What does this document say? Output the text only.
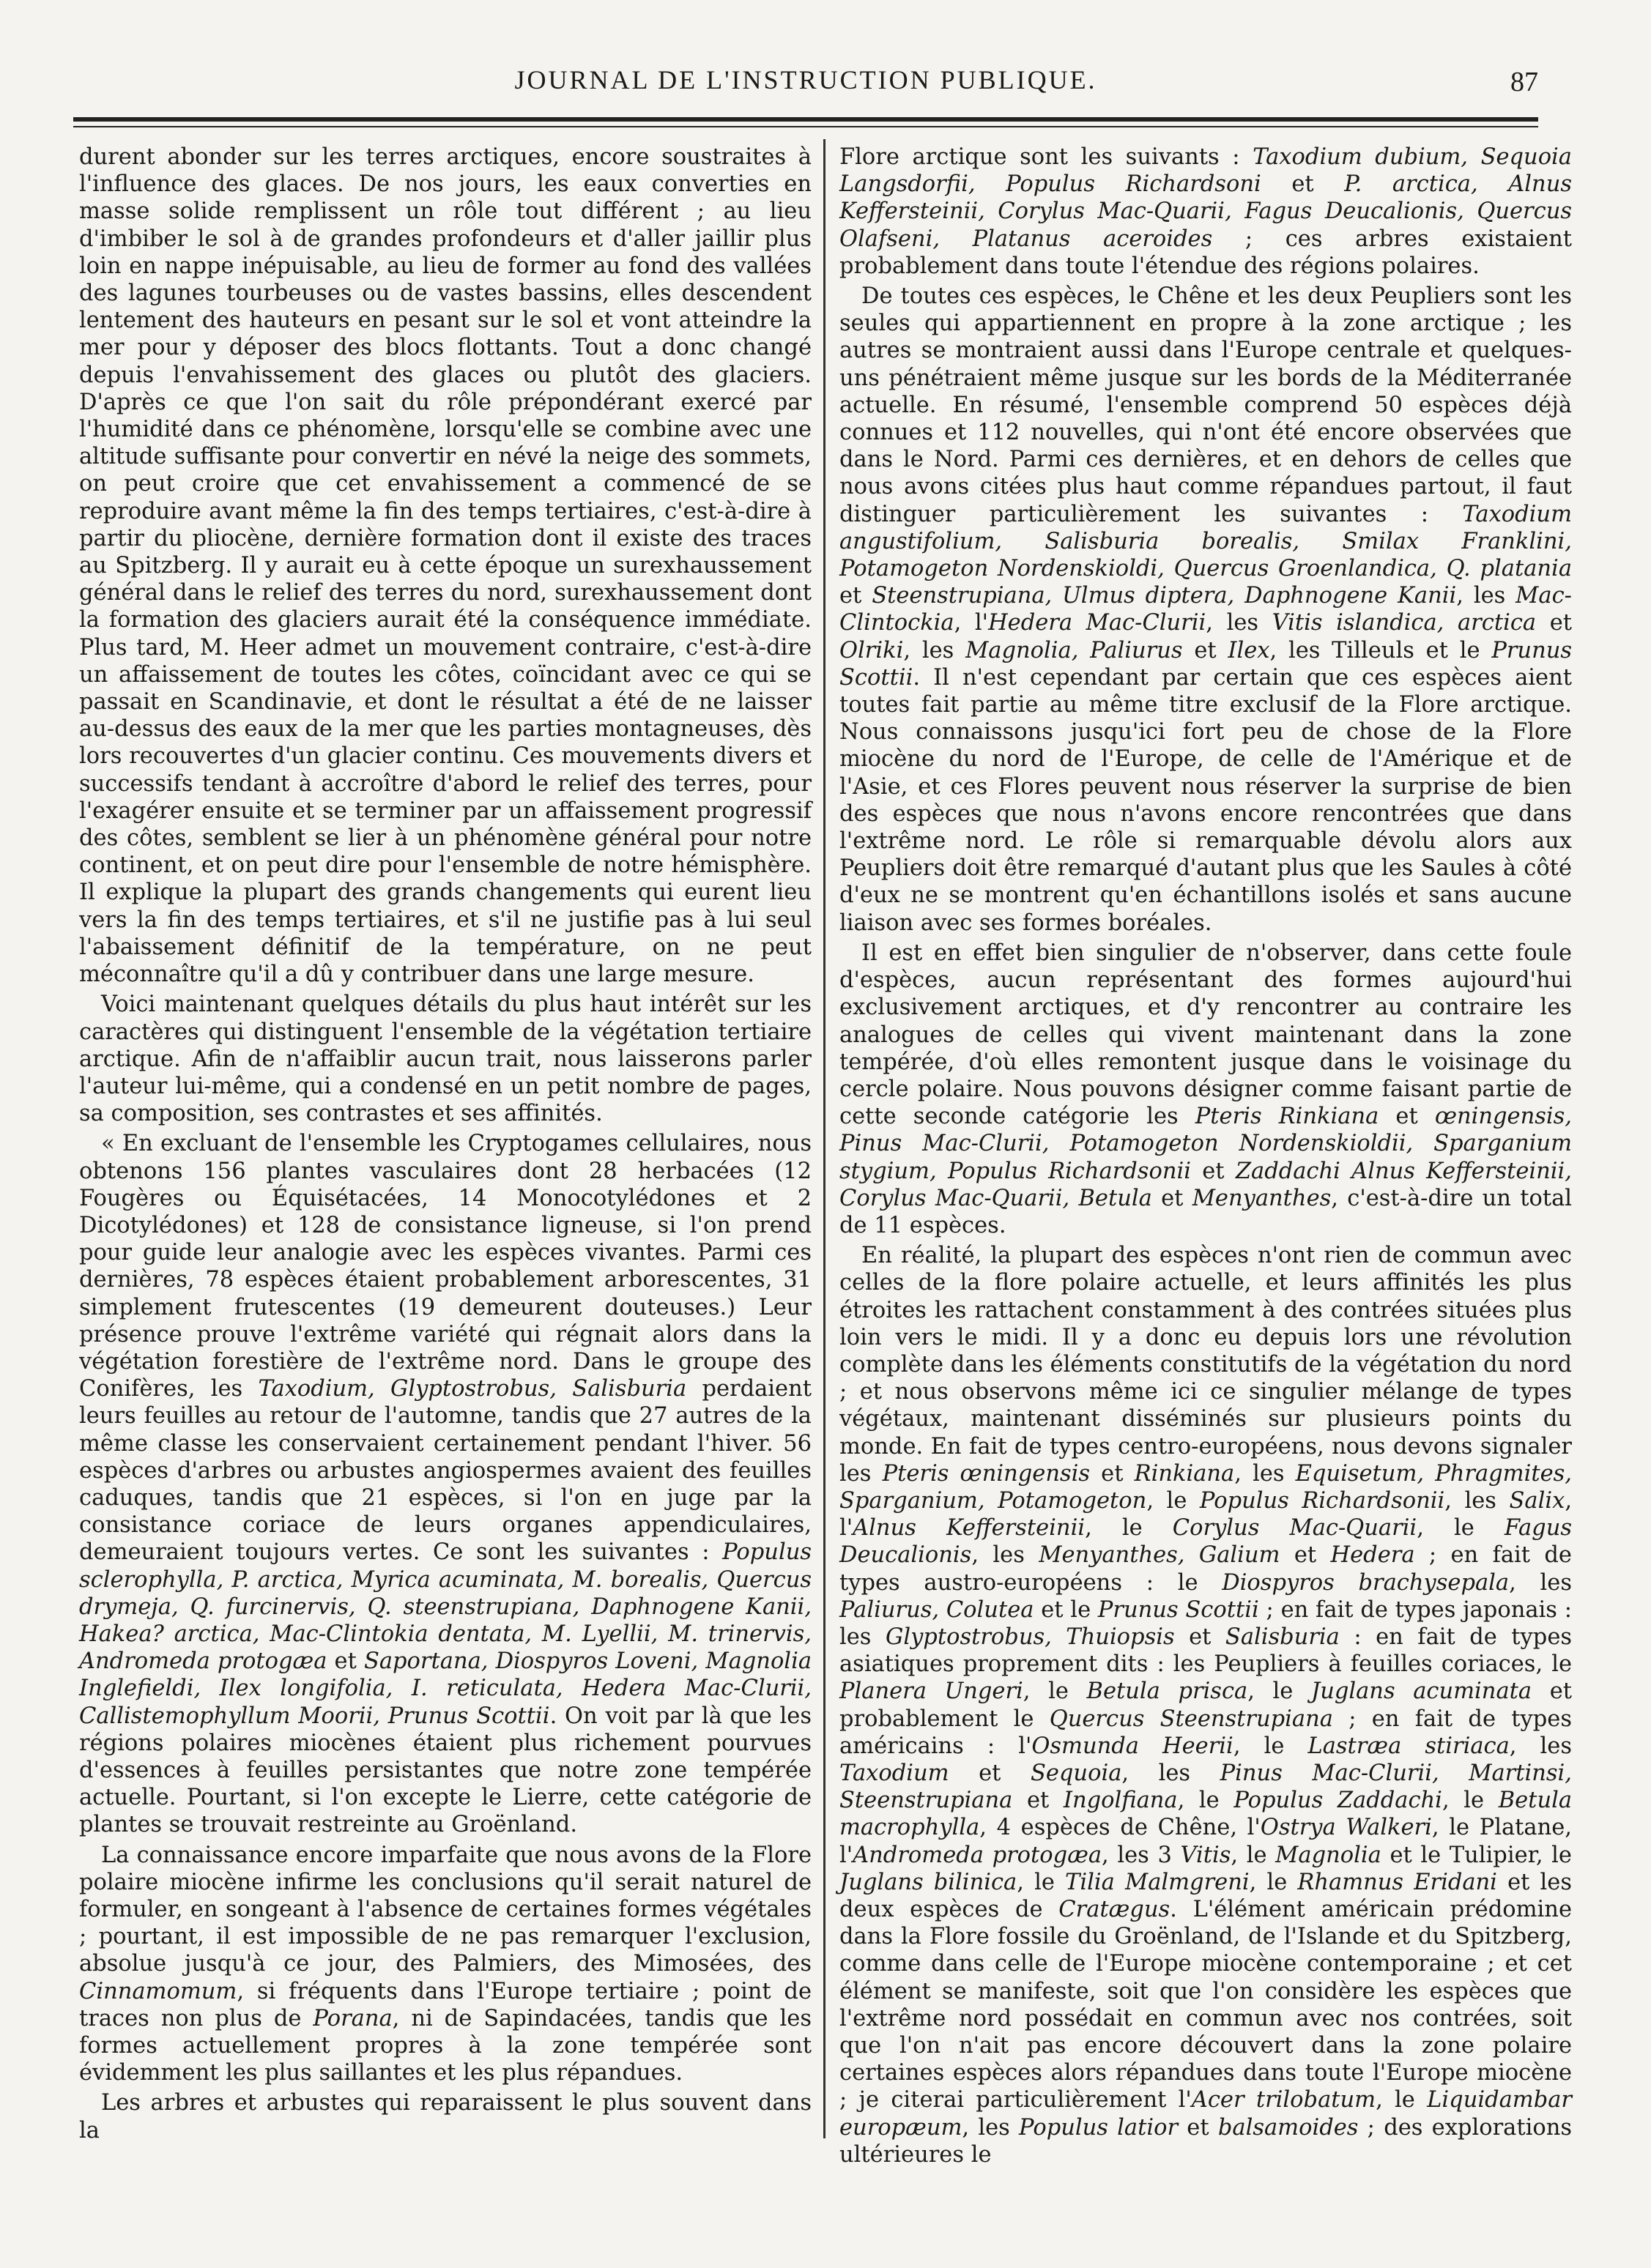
JOURNAL DE L'INSTRUCTION PUBLIQUE.	87

durent abonder sur les terres arctiques, encore soustraites à l'influence des glaces. De nos jours, les eaux converties en masse solide remplissent un rôle tout différent ; au lieu d'imbiber le sol à de grandes profondeurs et d'aller jaillir plus loin en nappe inépuisable, au lieu de former au fond des vallées des lagunes tourbeuses ou de vastes bassins, elles descendent lentement des hauteurs en pesant sur le sol et vont atteindre la mer pour y déposer des blocs flottants. Tout a donc changé depuis l'envahissement des glaces ou plutôt des glaciers. D'après ce que l'on sait du rôle prépondérant exercé par l'humidité dans ce phénomène, lorsqu'elle se combine avec une altitude suffisante pour convertir en névé la neige des sommets, on peut croire que cet envahissement a commencé de se reproduire avant même la fin des temps tertiaires, c'est-à-dire à partir du pliocène, dernière formation dont il existe des traces au Spitzberg. Il y aurait eu à cette époque un surexhaussement général dans le relief des terres du nord, surexhaussement dont la formation des glaciers aurait été la conséquence immédiate. Plus tard, M. Heer admet un mouvement contraire, c'est-à-dire un affaissement de toutes les côtes, coïncidant avec ce qui se passait en Scandinavie, et dont le résultat a été de ne laisser au-dessus des eaux de la mer que les parties montagneuses, dès lors recouvertes d'un glacier continu. Ces mouvements divers et successifs tendant à accroître d'abord le relief des terres, pour l'exagérer ensuite et se terminer par un affaissement progressif des côtes, semblent se lier à un phénomène général pour notre continent, et on peut dire pour l'ensemble de notre hémisphère. Il explique la plupart des grands changements qui eurent lieu vers la fin des temps tertiaires, et s'il ne justifie pas à lui seul l'abaissement définitif de la température, on ne peut méconnaître qu'il a dû y contribuer dans une large mesure.

Voici maintenant quelques détails du plus haut intérêt sur les caractères qui distinguent l'ensemble de la végétation tertiaire arctique. Afin de n'affaiblir aucun trait, nous laisserons parler l'auteur lui-même, qui a condensé en un petit nombre de pages, sa composition, ses contrastes et ses affinités.

« En excluant de l'ensemble les Cryptogames cellulaires, nous obtenons 156 plantes vasculaires dont 28 herbacées (12 Fougères ou Équisétacées, 14 Monocotylédones et 2 Dicotylédones) et 128 de consistance ligneuse, si l'on prend pour guide leur analogie avec les espèces vivantes. Parmi ces dernières, 78 espèces étaient probablement arborescentes, 31 simplement frutescentes (19 demeurent douteuses.) Leur présence prouve l'extrême variété qui régnait alors dans la végétation forestière de l'extrême nord. Dans le groupe des Conifères, les Taxodium, Glyptostrobus, Salisburia perdaient leurs feuilles au retour de l'automne, tandis que 27 autres de la même classe les conservaient certainement pendant l'hiver. 56 espèces d'arbres ou arbustes angiospermes avaient des feuilles caduques, tandis que 21 espèces, si l'on en juge par la consistance coriace de leurs organes appendiculaires, demeuraient toujours vertes. Ce sont les suivantes : Populus sclerophylla, P. arctica, Myrica acuminata, M. borealis, Quercus drymeja, Q. furcinervis, Q. steenstrupiana, Daphnogene Kanii, Hakea? arctica, Mac-Clintokia dentata, M. Lyellii, M. trinervis, Andromeda protogæa et Saportana, Diospyros Loveni, Magnolia Inglefieldi, Ilex longifolia, I. reticulata, Hedera Mac-Clurii, Callistemophyllum Moorii, Prunus Scottii. On voit par là que les régions polaires miocènes étaient plus richement pourvues d'essences à feuilles persistantes que notre zone tempérée actuelle. Pourtant, si l'on excepte le Lierre, cette catégorie de plantes se trouvait restreinte au Groënland.

La connaissance encore imparfaite que nous avons de la Flore polaire miocène infirme les conclusions qu'il serait naturel de formuler, en songeant à l'absence de certaines formes végétales ; pourtant, il est impossible de ne pas remarquer l'exclusion, absolue jusqu'à ce jour, des Palmiers, des Mimosées, des Cinnamomum, si fréquents dans l'Europe tertiaire ; point de traces non plus de Porana, ni de Sapindacées, tandis que les formes actuellement propres à la zone tempérée sont évidemment les plus saillantes et les plus répandues.

Les arbres et arbustes qui reparaissent le plus souvent dans la

Flore arctique sont les suivants : Taxodium dubium, Sequoia Langsdorfii, Populus Richardsoni et P. arctica, Alnus Keffersteinii, Corylus Mac-Quarii, Fagus Deucalionis, Quercus Olafseni, Platanus aceroides ; ces arbres existaient probablement dans toute l'étendue des régions polaires.

De toutes ces espèces, le Chêne et les deux Peupliers sont les seules qui appartiennent en propre à la zone arctique ; les autres se montraient aussi dans l'Europe centrale et quelques-uns pénétraient même jusque sur les bords de la Méditerranée actuelle. En résumé, l'ensemble comprend 50 espèces déjà connues et 112 nouvelles, qui n'ont été encore observées que dans le Nord. Parmi ces dernières, et en dehors de celles que nous avons citées plus haut comme répandues partout, il faut distinguer particulièrement les suivantes : Taxodium angustifolium, Salisburia borealis, Smilax Franklini, Potamogeton Nordenskioldi, Quercus Groenlandica, Q. platania et Steenstrupiana, Ulmus diptera, Daphnogene Kanii, les Mac-Clintockia, l'Hedera Mac-Clurii, les Vitis islandica, arctica et Olriki, les Magnolia, Paliurus et Ilex, les Tilleuls et le Prunus Scottii. Il n'est cependant par certain que ces espèces aient toutes fait partie au même titre exclusif de la Flore arctique. Nous connaissons jusqu'ici fort peu de chose de la Flore miocène du nord de l'Europe, de celle de l'Amérique et de l'Asie, et ces Flores peuvent nous réserver la surprise de bien des espèces que nous n'avons encore rencontrées que dans l'extrême nord. Le rôle si remarquable dévolu alors aux Peupliers doit être remarqué d'autant plus que les Saules à côté d'eux ne se montrent qu'en échantillons isolés et sans aucune liaison avec ses formes boréales.

Il est en effet bien singulier de n'observer, dans cette foule d'espèces, aucun représentant des formes aujourd'hui exclusivement arctiques, et d'y rencontrer au contraire les analogues de celles qui vivent maintenant dans la zone tempérée, d'où elles remontent jusque dans le voisinage du cercle polaire. Nous pouvons désigner comme faisant partie de cette seconde catégorie les Pteris Rinkiana et œningensis, Pinus Mac-Clurii, Potamogeton Nordenskioldii, Sparganium stygium, Populus Richardsonii et Zaddachi Alnus Keffersteinii, Corylus Mac-Quarii, Betula et Menyanthes, c'est-à-dire un total de 11 espèces.

En réalité, la plupart des espèces n'ont rien de commun avec celles de la flore polaire actuelle, et leurs affinités les plus étroites les rattachent constamment à des contrées situées plus loin vers le midi. Il y a donc eu depuis lors une révolution complète dans les éléments constitutifs de la végétation du nord ; et nous observons même ici ce singulier mélange de types végétaux, maintenant disséminés sur plusieurs points du monde. En fait de types centro-européens, nous devons signaler les Pteris œningensis et Rinkiana, les Equisetum, Phragmites, Sparganium, Potamogeton, le Populus Richardsonii, les Salix, l'Alnus Keffersteinii, le Corylus Mac-Quarii, le Fagus Deucalionis, les Menyanthes, Galium et Hedera ; en fait de types austro-européens : le Diospyros brachysepala, les Paliurus, Colutea et le Prunus Scottii ; en fait de types japonais : les Glyptostrobus, Thuiopsis et Salisburia : en fait de types asiatiques proprement dits : les Peupliers à feuilles coriaces, le Planera Ungeri, le Betula prisca, le Juglans acuminata et probablement le Quercus Steenstrupiana ; en fait de types américains : l'Osmunda Heerii, le Lastræa stiriaca, les Taxodium et Sequoia, les Pinus Mac-Clurii, Martinsi, Steenstrupiana et Ingolfiana, le Populus Zaddachi, le Betula macrophylla, 4 espèces de Chêne, l'Ostrya Walkeri, le Platane, l'Andromeda protogæa, les 3 Vitis, le Magnolia et le Tulipier, le Juglans bilinica, le Tilia Malmgreni, le Rhamnus Eridani et les deux espèces de Cratægus. L'élément américain prédomine dans la Flore fossile du Groënland, de l'Islande et du Spitzberg, comme dans celle de l'Europe miocène contemporaine ; et cet élément se manifeste, soit que l'on considère les espèces que l'extrême nord possédait en commun avec nos contrées, soit que l'on n'ait pas encore découvert dans la zone polaire certaines espèces alors répandues dans toute l'Europe miocène ; je citerai particulièrement l'Acer trilobatum, le Liquidambar europæum, les Populus latior et balsamoides ; des explorations ultérieures le
